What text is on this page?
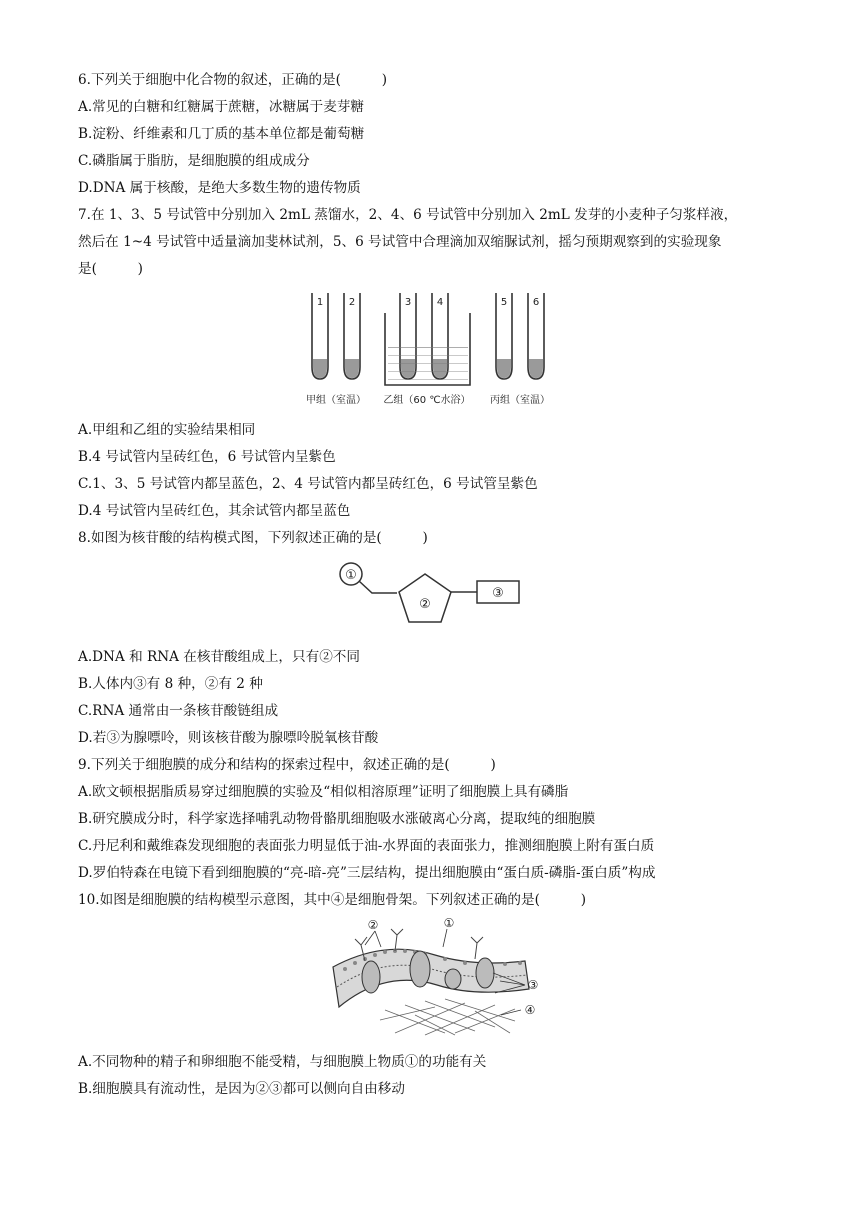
6.下列关于细胞中化合物的叙述，正确的是(　　　)
A.常见的白糖和红糖属于蔗糖，冰糖属于麦芽糖
B.淀粉、纤维素和几丁质的基本单位都是葡萄糖
C.磷脂属于脂肪，是细胞膜的组成成分
D.DNA 属于核酸，是绝大多数生物的遗传物质
7.在 1、3、5 号试管中分别加入 2mL 蒸馏水，2、4、6 号试管中分别加入 2mL 发芽的小麦种子匀浆样液，
然后在 1~4 号试管中适量滴加斐林试剂，5、6 号试管中合理滴加双缩脲试剂，摇匀预期观察到的实验现象
是(　　　)
1	2	3	4	5	6
甲组（室温） 乙组（60 ℃水浴） 丙组（室温）
A.甲组和乙组的实验结果相同
B.4 号试管内呈砖红色，6 号试管内呈紫色
C.1、3、5 号试管内都呈蓝色，2、4 号试管内都呈砖红色，6 号试管呈紫色
D.4 号试管内呈砖红色，其余试管内都呈蓝色
8.如图为核苷酸的结构模式图，下列叙述正确的是(　　　)
①
②
③
A.DNA 和 RNA 在核苷酸组成上，只有②不同
B.人体内③有 8 种，②有 2 种
C.RNA 通常由一条核苷酸链组成
D.若③为腺嘌呤，则该核苷酸为腺嘌呤脱氧核苷酸
9.下列关于细胞膜的成分和结构的探索过程中，叙述正确的是(　　　)
A.欧文顿根据脂质易穿过细胞膜的实验及“相似相溶原理”证明了细胞膜上具有磷脂
B.研究膜成分时，科学家选择哺乳动物骨骼肌细胞吸水涨破离心分离，提取纯的细胞膜
C.丹尼利和戴维森发现细胞的表面张力明显低于油-水界面的表面张力，推测细胞膜上附有蛋白质
D.罗伯特森在电镜下看到细胞膜的“亮-暗-亮”三层结构，提出细胞膜由“蛋白质-磷脂-蛋白质”构成
10.如图是细胞膜的结构模型示意图，其中④是细胞骨架。下列叙述正确的是(　　　)
②	①
③
④
A.不同物种的精子和卵细胞不能受精，与细胞膜上物质①的功能有关
B.细胞膜具有流动性，是因为②③都可以侧向自由移动
